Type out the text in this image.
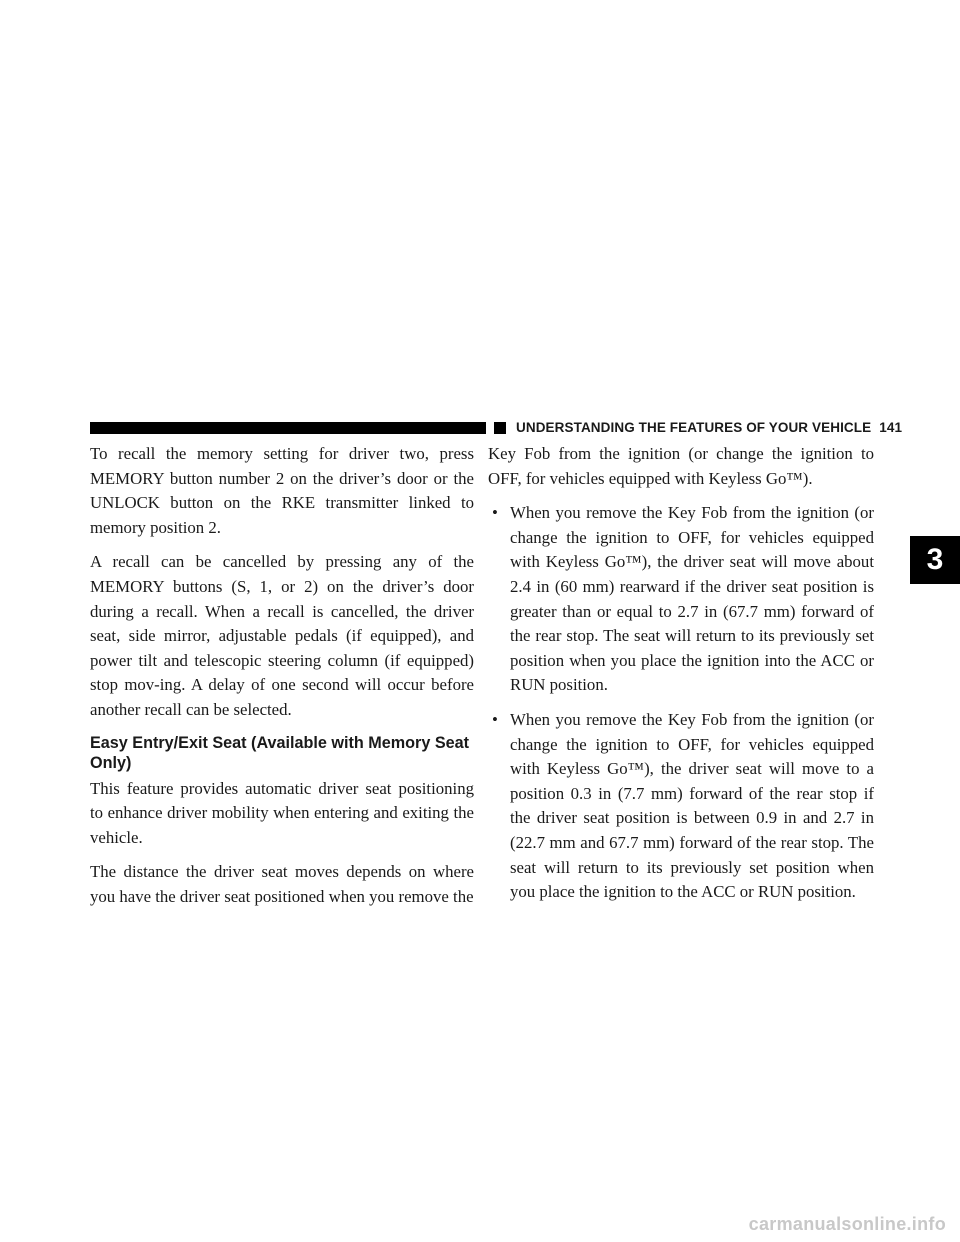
UNDERSTANDING THE FEATURES OF YOUR VEHICLE 141

To recall the memory setting for driver two, press MEMORY button number 2 on the driver’s door or the UNLOCK button on the RKE transmitter linked to memory position 2.

A recall can be cancelled by pressing any of the MEMORY buttons (S, 1, or 2) on the driver’s door during a recall. When a recall is cancelled, the driver seat, side mirror, adjustable pedals (if equipped), and power tilt and telescopic steering column (if equipped) stop mov-ing. A delay of one second will occur before another recall can be selected.

Easy Entry/Exit Seat (Available with Memory Seat Only)

This feature provides automatic driver seat positioning to enhance driver mobility when entering and exiting the vehicle.

The distance the driver seat moves depends on where you have the driver seat positioned when you remove the

Key Fob from the ignition (or change the ignition to OFF, for vehicles equipped with Keyless Go™).

• When you remove the Key Fob from the ignition (or change the ignition to OFF, for vehicles equipped with Keyless Go™), the driver seat will move about 2.4 in (60 mm) rearward if the driver seat position is greater than or equal to 2.7 in (67.7 mm) forward of the rear stop. The seat will return to its previously set position when you place the ignition into the ACC or RUN position.
• When you remove the Key Fob from the ignition (or change the ignition to OFF, for vehicles equipped with Keyless Go™), the driver seat will move to a position 0.3 in (7.7 mm) forward of the rear stop if the driver seat position is between 0.9 in and 2.7 in (22.7 mm and 67.7 mm) forward of the rear stop. The seat will return to its previously set position when you place the ignition to the ACC or RUN position.
3
carmanualsonline.info
